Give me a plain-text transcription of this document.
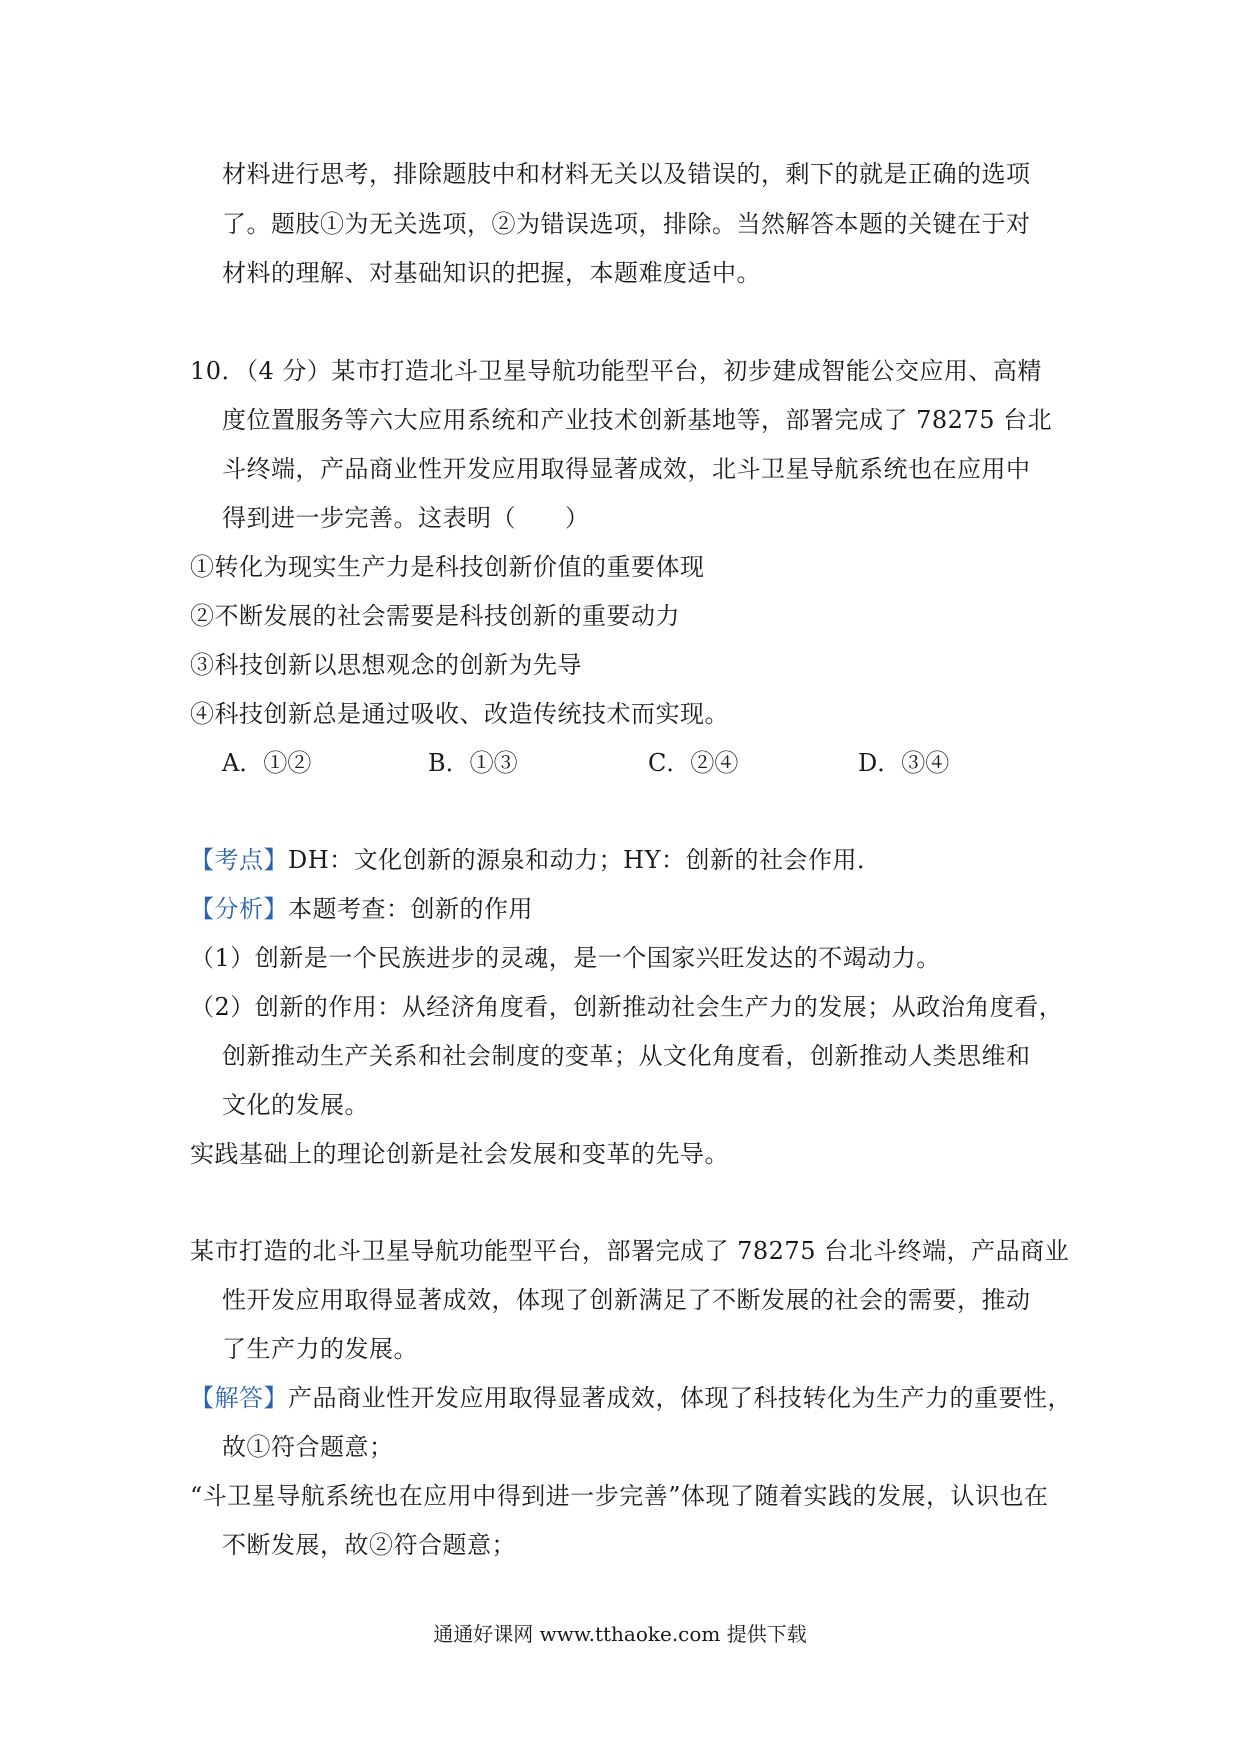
材料进行思考，排除题肢中和材料无关以及错误的，剩下的就是正确的选项
了。题肢①为无关选项，②为错误选项，排除。当然解答本题的关键在于对
材料的理解、对基础知识的把握，本题难度适中。
10．（4 分）某市打造北斗卫星导航功能型平台，初步建成智能公交应用、高精
度位置服务等六大应用系统和产业技术创新基地等，部署完成了 78275 台北
斗终端，产品商业性开发应用取得显著成效，北斗卫星导航系统也在应用中
得到进一步完善。这表明（　　）
①转化为现实生产力是科技创新价值的重要体现
②不断发展的社会需要是科技创新的重要动力
③科技创新以思想观念的创新为先导
④科技创新总是通过吸收、改造传统技术而实现。
A．①②	B．①③	C．②④	D．③④
【考点】DH：文化创新的源泉和动力；HY：创新的社会作用．
【分析】本题考查：创新的作用
（1）创新是一个民族进步的灵魂，是一个国家兴旺发达的不竭动力。
（2）创新的作用：从经济角度看，创新推动社会生产力的发展；从政治角度看，
创新推动生产关系和社会制度的变革；从文化角度看，创新推动人类思维和
文化的发展。
实践基础上的理论创新是社会发展和变革的先导。
某市打造的北斗卫星导航功能型平台，部署完成了 78275 台北斗终端，产品商业
性开发应用取得显著成效，体现了创新满足了不断发展的社会的需要，推动
了生产力的发展。
【解答】产品商业性开发应用取得显著成效，体现了科技转化为生产力的重要性，
故①符合题意；
“斗卫星导航系统也在应用中得到进一步完善”体现了随着实践的发展，认识也在
不断发展，故②符合题意；
通通好课网 www.tthaoke.com 提供下载
